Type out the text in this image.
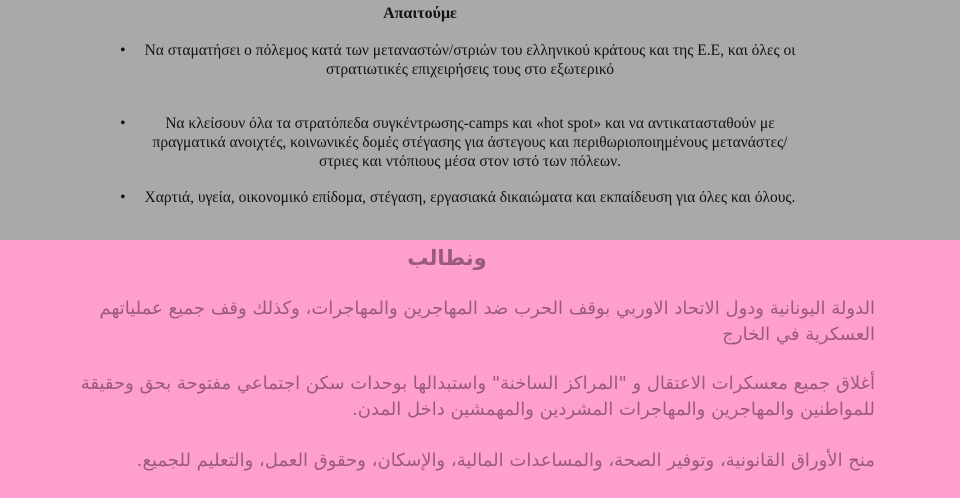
Απαιτούμε
• Να σταματήσει ο πόλεμος κατά των μεταναστών/στριών του ελληνικού κράτους και της Ε.Ε, και όλες οι στρατιωτικές επιχειρήσεις τους στο εξωτερικό
• Να κλείσουν όλα τα στρατόπεδα συγκέντρωσης-camps και «hot spot» και να αντικατασταθούν με πραγματικά ανοιχτές, κοινωνικές δομές στέγασης για άστεγους και περιθωριοποιημένους μετανάστες/στριες και ντόπιους μέσα στον ιστό των πόλεων.
• Χαρτιά, υγεία, οικονομικό επίδομα, στέγαση, εργασιακά δικαιώματα και εκπαίδευση για όλες και όλους.
ونطالب
الدولة اليونانية ودول الاتحاد الاوربي بوقف الحرب ضد المهاجرين والمهاجرات، وكذلك وقف جميع عملياتهم العسكرية في الخارج
أغلاق جميع معسكرات الاعتقال و "المراكز الساخنة" واستبدالها بوحدات سكن اجتماعي مفتوحة بحق وحقيقة للمواطنين والمهاجرين والمهاجرات المشردين والمهمشين داخل المدن.
منح الأوراق القانونية، وتوفير الصحة، والمساعدات المالية، والإسكان، وحقوق العمل، والتعليم للجميع.
